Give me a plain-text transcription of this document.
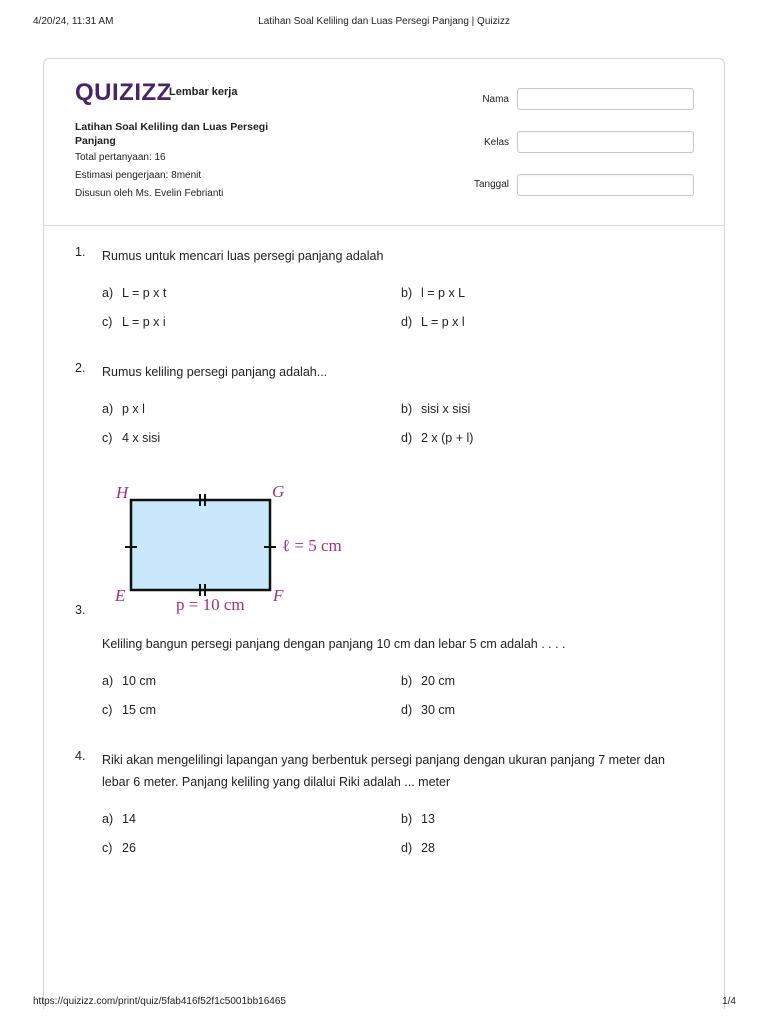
4/20/24, 11:31 AM	Latihan Soal Keliling dan Luas Persegi Panjang | Quizizz
QUIZIZZ
Lembar kerja
Latihan Soal Keliling dan Luas Persegi Panjang
Total pertanyaan: 16
Estimasi pengerjaan: 8menit
Disusun oleh Ms. Evelin Febrianti
Nama
Kelas
Tanggal
1. Rumus untuk mencari luas persegi panjang adalah
a) L = p x t	b) l = p x L
c) L = p x i	d) L = p x l
2. Rumus keliling persegi panjang adalah...
a) p x l	b) sisi x sisi
c) 4 x sisi	d) 2 x (p + l)
H	G
E	F
ℓ = 5 cm
p = 10 cm
3.
Keliling bangun persegi panjang dengan panjang 10 cm dan lebar 5 cm adalah . . . .
a) 10 cm	b) 20 cm
c) 15 cm	d) 30 cm
4. Riki akan mengelilingi lapangan yang berbentuk persegi panjang dengan ukuran panjang 7 meter dan lebar 6 meter. Panjang keliling yang dilalui Riki adalah ... meter
a) 14	b) 13
c) 26	d) 28
https://quizizz.com/print/quiz/5fab416f52f1c5001bb16465	1/4
